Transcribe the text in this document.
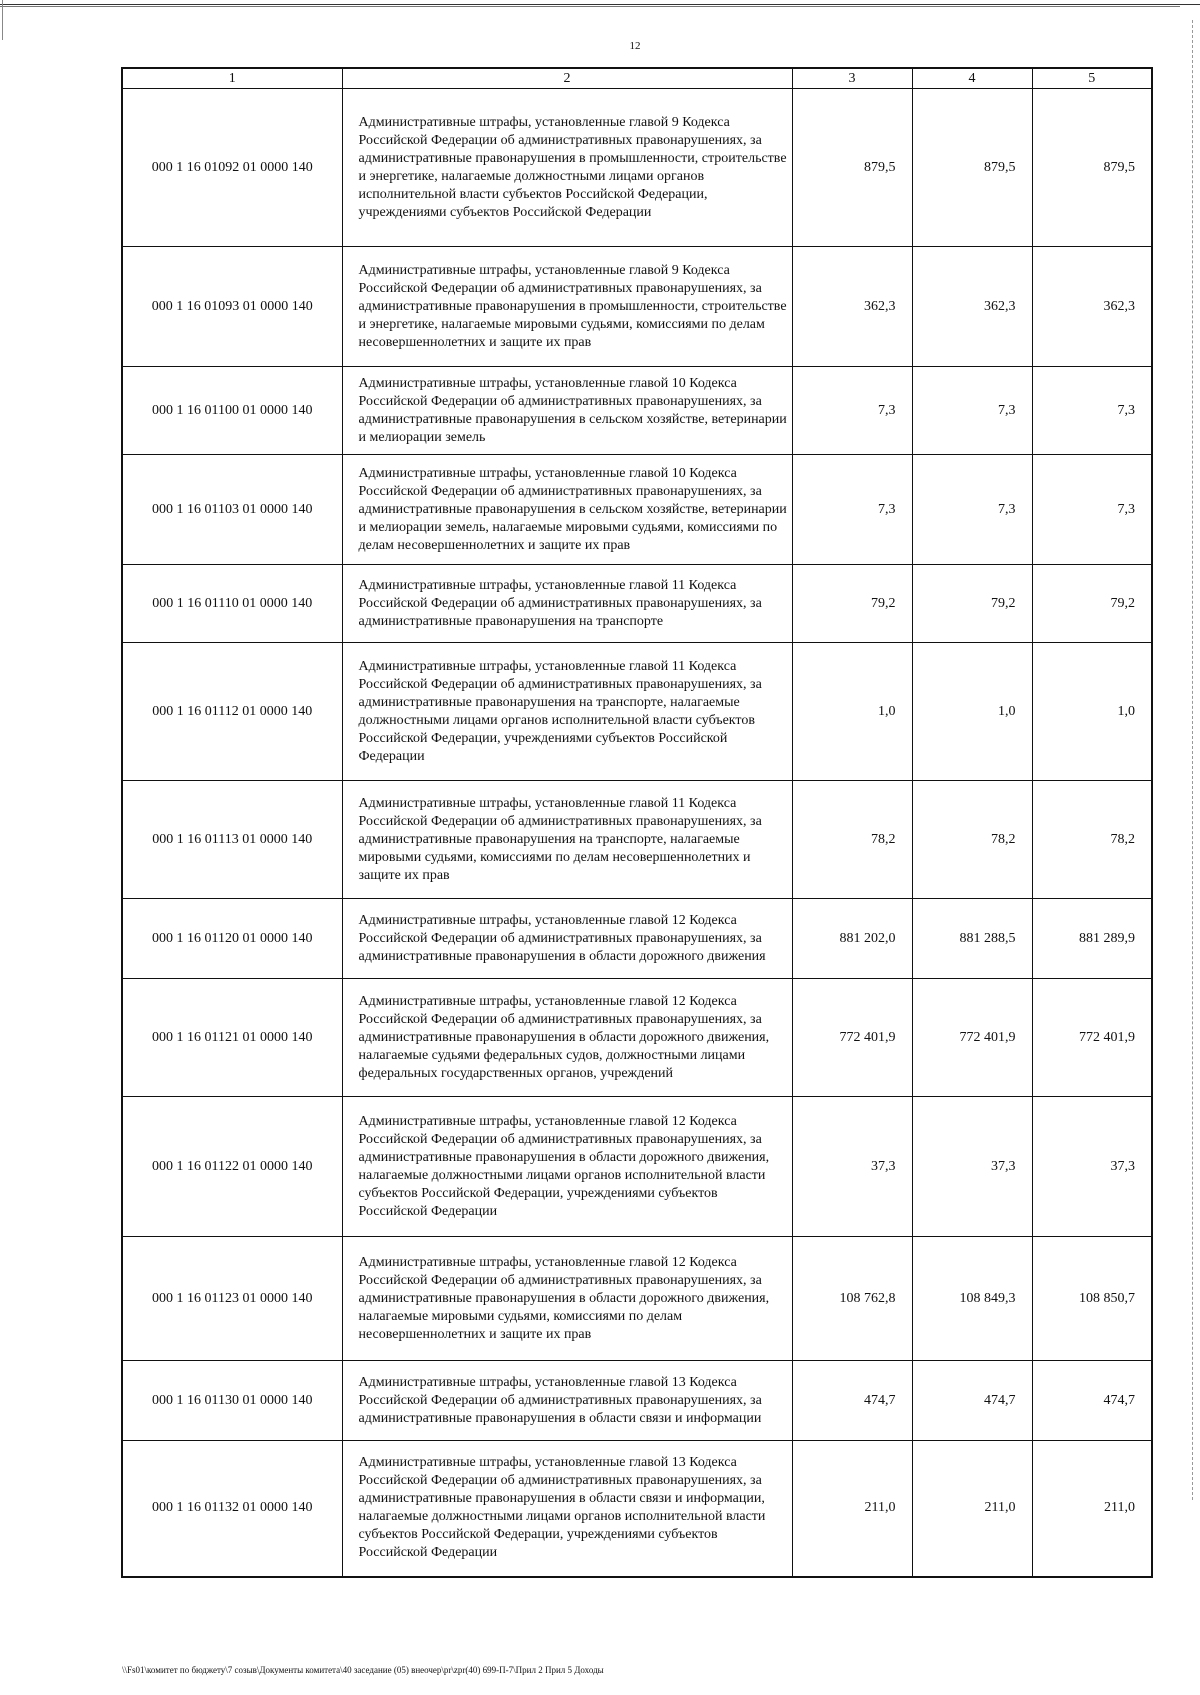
12
1	2	3	4	5
000 1 16 01092 01 0000 140	Административные штрафы, установленные главой 9 Кодекса Российской Федерации об административных правонарушениях, за административные правонарушения в промышленности, строительстве и энергетике, налагаемые должностными лицами органов исполнительной власти субъектов Российской Федерации, учреждениями субъектов Российской Федерации	879,5	879,5	879,5
000 1 16 01093 01 0000 140	Административные штрафы, установленные главой 9 Кодекса Российской Федерации об административных правонарушениях, за административные правонарушения в промышленности, строительстве и энергетике, налагаемые мировыми судьями, комиссиями по делам несовершеннолетних и защите их прав	362,3	362,3	362,3
000 1 16 01100 01 0000 140	Административные штрафы, установленные главой 10 Кодекса Российской Федерации об административных правонарушениях, за административные правонарушения в сельском хозяйстве, ветеринарии и мелиорации земель	7,3	7,3	7,3
000 1 16 01103 01 0000 140	Административные штрафы, установленные главой 10 Кодекса Российской Федерации об административных правонарушениях, за административные правонарушения в сельском хозяйстве, ветеринарии и мелиорации земель, налагаемые мировыми судьями, комиссиями по делам несовершеннолетних и защите их прав	7,3	7,3	7,3
000 1 16 01110 01 0000 140	Административные штрафы, установленные главой 11 Кодекса Российской Федерации об административных правонарушениях, за административные правонарушения на транспорте	79,2	79,2	79,2
000 1 16 01112 01 0000 140	Административные штрафы, установленные главой 11 Кодекса Российской Федерации об административных правонарушениях, за административные правонарушения на транспорте, налагаемые должностными лицами органов исполнительной власти субъектов Российской Федерации, учреждениями субъектов Российской Федерации	1,0	1,0	1,0
000 1 16 01113 01 0000 140	Административные штрафы, установленные главой 11 Кодекса Российской Федерации об административных правонарушениях, за административные правонарушения на транспорте, налагаемые мировыми судьями, комиссиями по делам несовершеннолетних и защите их прав	78,2	78,2	78,2
000 1 16 01120 01 0000 140	Административные штрафы, установленные главой 12 Кодекса Российской Федерации об административных правонарушениях, за административные правонарушения в области дорожного движения	881 202,0	881 288,5	881 289,9
000 1 16 01121 01 0000 140	Административные штрафы, установленные главой 12 Кодекса Российской Федерации об административных правонарушениях, за административные правонарушения в области дорожного движения, налагаемые судьями федеральных судов, должностными лицами федеральных государственных органов, учреждений	772 401,9	772 401,9	772 401,9
000 1 16 01122 01 0000 140	Административные штрафы, установленные главой 12 Кодекса Российской Федерации об административных правонарушениях, за административные правонарушения в области дорожного движения, налагаемые должностными лицами органов исполнительной власти субъектов Российской Федерации, учреждениями субъектов Российской Федерации	37,3	37,3	37,3
000 1 16 01123 01 0000 140	Административные штрафы, установленные главой 12 Кодекса Российской Федерации об административных правонарушениях, за административные правонарушения в области дорожного движения, налагаемые мировыми судьями, комиссиями по делам несовершеннолетних и защите их прав	108 762,8	108 849,3	108 850,7
000 1 16 01130 01 0000 140	Административные штрафы, установленные главой 13 Кодекса Российской Федерации об административных правонарушениях, за административные правонарушения в области связи и информации	474,7	474,7	474,7
000 1 16 01132 01 0000 140	Административные штрафы, установленные главой 13 Кодекса Российской Федерации об административных правонарушениях, за административные правонарушения в области связи и информации, налагаемые должностными лицами органов исполнительной власти субъектов Российской Федерации, учреждениями субъектов Российской Федерации	211,0	211,0	211,0
\\Fs01\комитет по бюджету\7 созыв\Документы комитета\40 заседание (05) внеочер\pr\zpr(40) 699-П-7\Прил 2 Прил 5 Доходы
